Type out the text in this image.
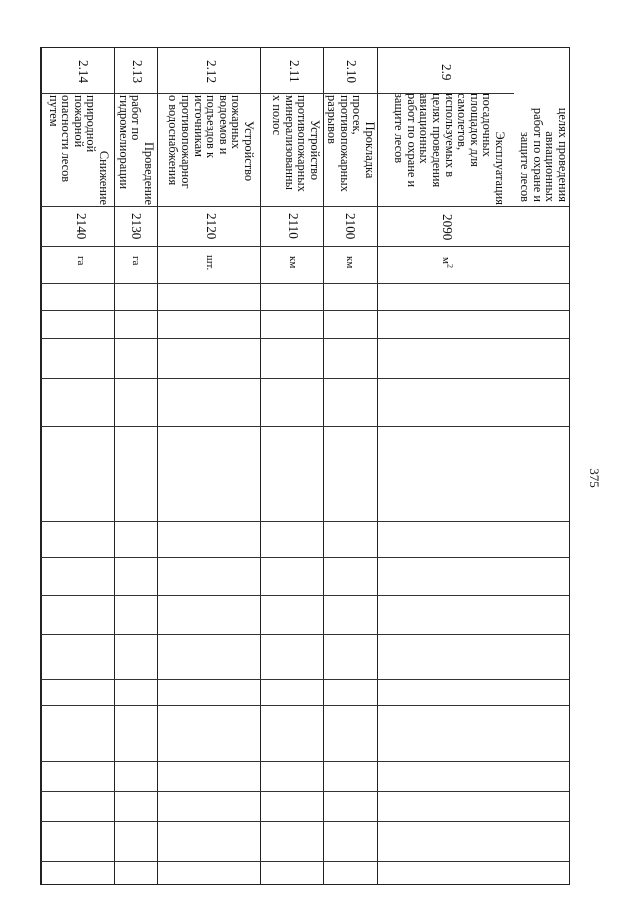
375
целях проведения
авиационных
работ по охране и
защите лесов
2.9
Эксплуатация
посадочных
площадок для
самолетов,
используемых в
целях проведения
авиационных
работ по охране и
защите лесов
2090
$м^2$
2.10
Прокладка
просек,
противопожарных
разрывов
2100
км
2.11
Устройство
противопожарных
минерализованны
х полос
2110
км
2.12
Устройство
пожарных
водоемов и
подъездов к
источникам
противопожарног
о водоснабжения
2120
шт.
2.13
Проведение
работ по
гидромелиорации
2130
га
2.14
Снижение
природной
пожарной
опасности лесов
путем
2140
га
